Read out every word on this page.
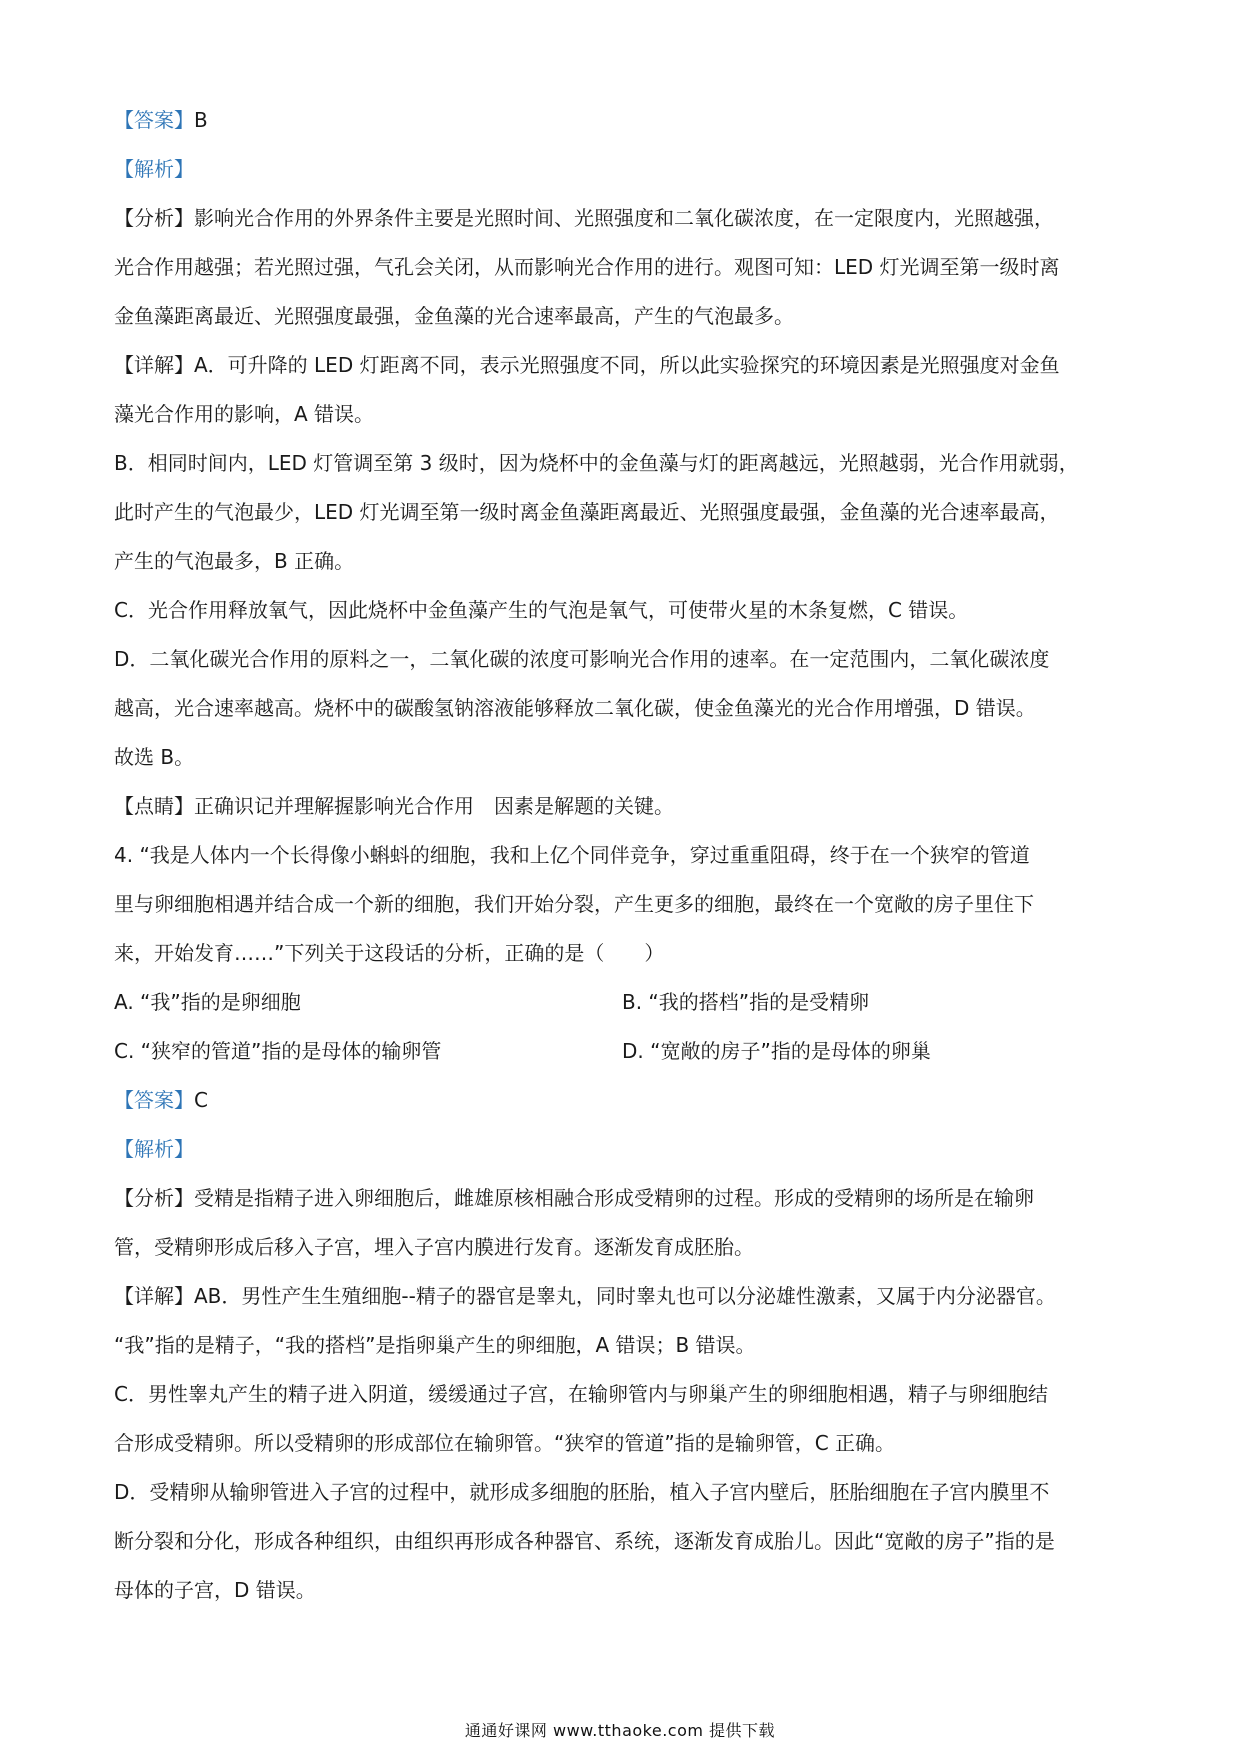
【答案】B
【解析】
【分析】影响光合作用的外界条件主要是光照时间、光照强度和二氧化碳浓度，在一定限度内，光照越强，
光合作用越强；若光照过强，气孔会关闭，从而影响光合作用的进行。观图可知：LED 灯光调至第一级时离
金鱼藻距离最近、光照强度最强，金鱼藻的光合速率最高，产生的气泡最多。
【详解】A．可升降的 LED 灯距离不同，表示光照强度不同，所以此实验探究的环境因素是光照强度对金鱼
藻光合作用的影响，A 错误。
B．相同时间内，LED 灯管调至第 3 级时，因为烧杯中的金鱼藻与灯的距离越远，光照越弱，光合作用就弱，
此时产生的气泡最少，LED 灯光调至第一级时离金鱼藻距离最近、光照强度最强，金鱼藻的光合速率最高，
产生的气泡最多，B 正确。
C．光合作用释放氧气，因此烧杯中金鱼藻产生的气泡是氧气，可使带火星的木条复燃，C 错误。
D．二氧化碳光合作用的原料之一，二氧化碳的浓度可影响光合作用的速率。在一定范围内，二氧化碳浓度
越高，光合速率越高。烧杯中的碳酸氢钠溶液能够释放二氧化碳，使金鱼藻光的光合作用增强，D 错误。
故选 B。
【点睛】正确识记并理解握影响光合作用　因素是解题的关键。
4. “我是人体内一个长得像小蝌蚪的细胞，我和上亿个同伴竞争，穿过重重阻碍，终于在一个狭窄的管道
里与卵细胞相遇并结合成一个新的细胞，我们开始分裂，产生更多的细胞，最终在一个宽敞的房子里住下
来，开始发育……”下列关于这段话的分析，正确的是（　　）
A. “我”指的是卵细胞	B. “我的搭档”指的是受精卵
C. “狭窄的管道”指的是母体的输卵管	D. “宽敞的房子”指的是母体的卵巢
【答案】C
【解析】
【分析】受精是指精子进入卵细胞后，雌雄原核相融合形成受精卵的过程。形成的受精卵的场所是在输卵
管，受精卵形成后移入子宫，埋入子宫内膜进行发育。逐渐发育成胚胎。
【详解】AB．男性产生生殖细胞--精子的器官是睾丸，同时睾丸也可以分泌雄性激素，又属于内分泌器官。
“我”指的是精子，“我的搭档”是指卵巢产生的卵细胞，A 错误；B 错误。
C．男性睾丸产生的精子进入阴道，缓缓通过子宫，在输卵管内与卵巢产生的卵细胞相遇，精子与卵细胞结
合形成受精卵。所以受精卵的形成部位在输卵管。“狭窄的管道”指的是输卵管，C 正确。
D．受精卵从输卵管进入子宫的过程中，就形成多细胞的胚胎，植入子宫内壁后，胚胎细胞在子宫内膜里不
断分裂和分化，形成各种组织，由组织再形成各种器官、系统，逐渐发育成胎儿。因此“宽敞的房子”指的是
母体的子宫，D 错误。
通通好课网 www.tthaoke.com 提供下载
